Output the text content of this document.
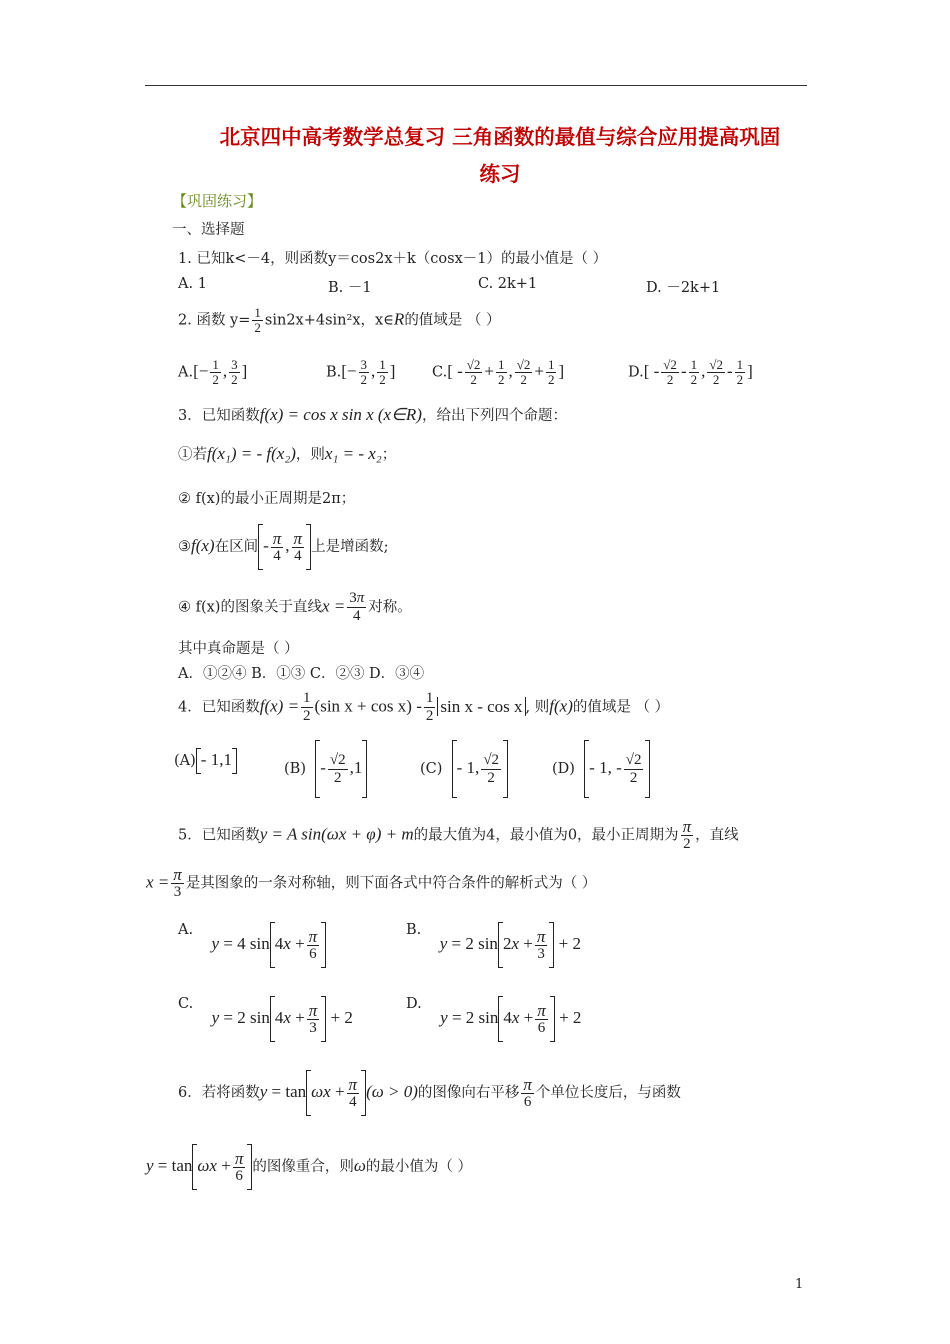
北京四中高考数学总复习 三角函数的最值与综合应用提高巩固
练习
【巩固练习】
一、选择题
1. 已知k<－4，则函数y＝cos2x＋k（cosx－1）的最小值是（ ）
A. 1	B. －1	C. 2k+1	D. －2k+1
2. 函数 $y= \frac{1}{2} \sin 2x+4\sin^2x$，x∈R的值域是 （ ）
$A.[- \frac{1}{2}$ , $\frac{3}{2}$ ]	$B.[- \frac{3}{2}$ , $\frac{1}{2}$ ]	$C.[ - \frac{√2}{2} + \frac{1}{2}$ , $\frac{√2}{2} + \frac{1}{2}$ ]	$D.[ - \frac{√2}{2} - \frac{1}{2}$ , $\frac{√2}{2} - \frac{1}{2}$ ]
3．已知函数f(x) = cos x sin x (x∈R)，给出下列四个命题：
①若f(x₁) = - f(x₂)，则x₁ = - x₂；
② f(x)的最小正周期是2π；
③f(x)在区间 - $\frac{\pi}{4}$ , $\frac{\pi}{4}$ 上是增函数;
④ f(x)的图象关于直线$x = \frac{3\pi}{4}$ 对称。
其中真命题是（ ）
A．①②④ B．①③ C．②③ D．③④
4．已知函数$f(x) = \frac{1}{2} (\sin$ $x + \cos x) - \frac{1}{2}$ sin x - cos x , 则f(x)的值域是 （ ）
(A) - 1,1	$(B) - \frac{√2}{2} ,1$	(C) - 1, $\frac{√2}{2}$	(D) - 1, - $\frac{√2}{2}$
5．已知函数y = A sin(ωx + φ) + m的最大值为4，最小值为0，最小正周期为 $\frac{\pi}{2}$ ，直线
$x = \frac{\pi}{3}$ 是其图象的一条对称轴，则下面各式中符合条件的解析式为（ ）
A.    y = 4 $\sin 4x + \frac{\pi}{6}$	B.    y = 2 $\sin 2x + \frac{\pi}{3} + 2$
C.    y = 2 $\sin 4x + \frac{\pi}{3} + 2$
D.    y = 2 $\sin 4x + \frac{\pi}{6} + 2$
6．若将函数$y = \tan \omega x + \frac{\pi}{4} (\omega > 0)$的图像向右平移 $\frac{\pi}{6}$ 个单位长度后，与函数
$y = \tan \omega x + \frac{\pi}{6}$ 的图像重合，则ω的最小值为（ ）
1
